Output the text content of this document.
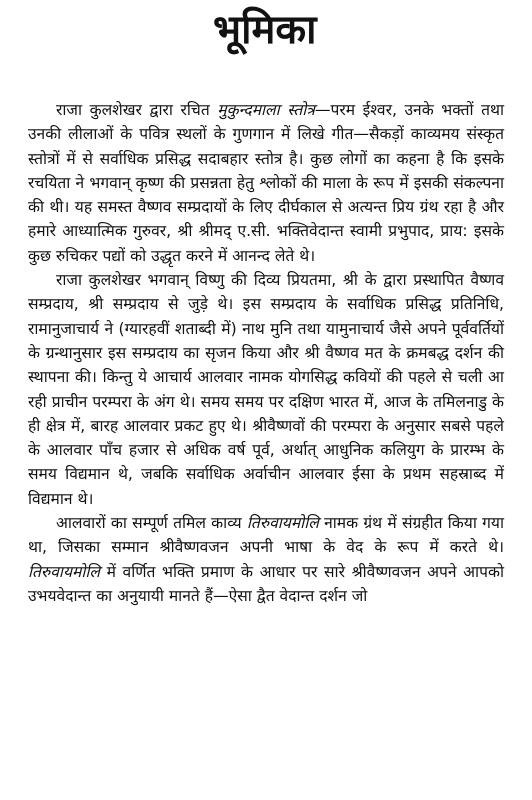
भूमिका

राजा कुलशेखर द्वारा रचित मुकुन्दमाला स्तोत्र—परम ईश्वर, उनके भक्तों तथा उनकी लीलाओं के पवित्र स्थलों के गुणगान में लिखे गीत—सैकड़ों काव्यमय संस्कृत स्तोत्रों में से सर्वाधिक प्रसिद्ध सदाबहार स्तोत्र है। कुछ लोगों का कहना है कि इसके रचयिता ने भगवान् कृष्ण की प्रसन्नता हेतु श्लोकों की माला के रूप में इसकी संकल्पना की थी। यह समस्त वैष्णव सम्प्रदायों के लिए दीर्घकाल से अत्यन्त प्रिय ग्रंथ रहा है और हमारे आध्यात्मिक गुरुवर, श्री श्रीमद् ए.सी. भक्तिवेदान्त स्वामी प्रभुपाद, प्राय: इसके कुछ रुचिकर पद्यों को उद्धृत करने में आनन्द लेते थे।

राजा कुलशेखर भगवान् विष्णु की दिव्य प्रियतमा, श्री के द्वारा प्रस्थापित वैष्णव सम्प्रदाय, श्री सम्प्रदाय से जुड़े थे। इस सम्प्रदाय के सर्वाधिक प्रसिद्ध प्रतिनिधि, रामानुजाचार्य ने (ग्यारहवीं शताब्दी में) नाथ मुनि तथा यामुनाचार्य जैसे अपने पूर्ववर्तियों के ग्रन्थानुसार इस सम्प्रदाय का सृजन किया और श्री वैष्णव मत के क्रमबद्ध दर्शन की स्थापना की। किन्तु ये आचार्य आलवार नामक योगसिद्ध कवियों की पहले से चली आ रही प्राचीन परम्परा के अंग थे। समय समय पर दक्षिण भारत में, आज के तमिलनाडु के ही क्षेत्र में, बारह आलवार प्रकट हुए थे। श्रीवैष्णवों की परम्परा के अनुसार सबसे पहले के आलवार पाँच हजार से अधिक वर्ष पूर्व, अर्थात् आधुनिक कलियुग के प्रारम्भ के समय विद्यमान थे, जबकि सर्वाधिक अर्वाचीन आलवार ईसा के प्रथम सहस्राब्द में विद्यमान थे।

आलवारों का सम्पूर्ण तमिल काव्य तिरुवायमोलि नामक ग्रंथ में संग्रहीत किया गया था, जिसका सम्मान श्रीवैष्णवजन अपनी भाषा के वेद के रूप में करते थे। तिरुवायमोलि में वर्णित भक्ति प्रमाण के आधार पर सारे श्रीवैष्णवजन अपने आपको उभयवेदान्त का अनुयायी मानते हैं—ऐसा द्वैत वेदान्त दर्शन जो
